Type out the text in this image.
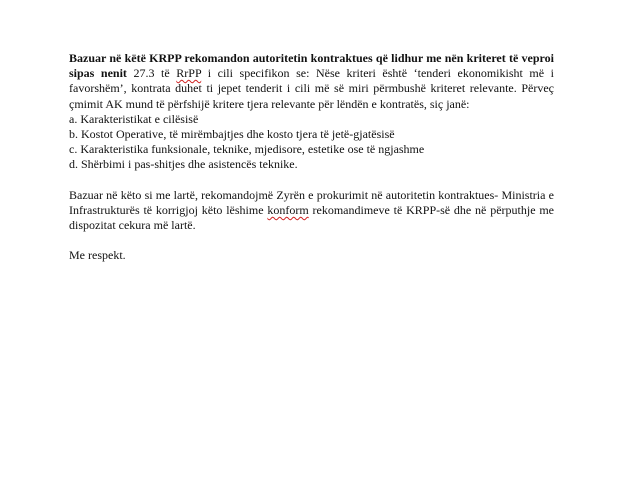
Bazuar në këtë KRPP rekomandon autoritetin kontraktues që lidhur me nën kriteret të veproi sipas nenit 27.3 të RrPP i cili specifikon se: Nëse kriteri është ‘tenderi ekonomikisht më i favorshëm’, kontrata duhet ti jepet tenderit i cili më së miri përmbushë kriteret relevante. Përveç çmimit AK mund të përfshijë kritere tjera relevante për lëndën e kontratës, siç janë:

a. Karakteristikat e cilësisë
b. Kostot Operative, të mirëmbajtjes dhe kosto tjera të jetë-gjatësisë
c. Karakteristika funksionale, teknike, mjedisore, estetike ose të ngjashme
d. Shërbimi i pas-shitjes dhe asistencës teknike.

Bazuar në këto si me lartë, rekomandojmë Zyrën e prokurimit në autoritetin kontraktues- Ministria e Infrastrukturës të korrigjoj këto lëshime konform rekomandimeve të KRPP-së dhe në përputhje me dispozitat cekura më lartë.

Me respekt.
